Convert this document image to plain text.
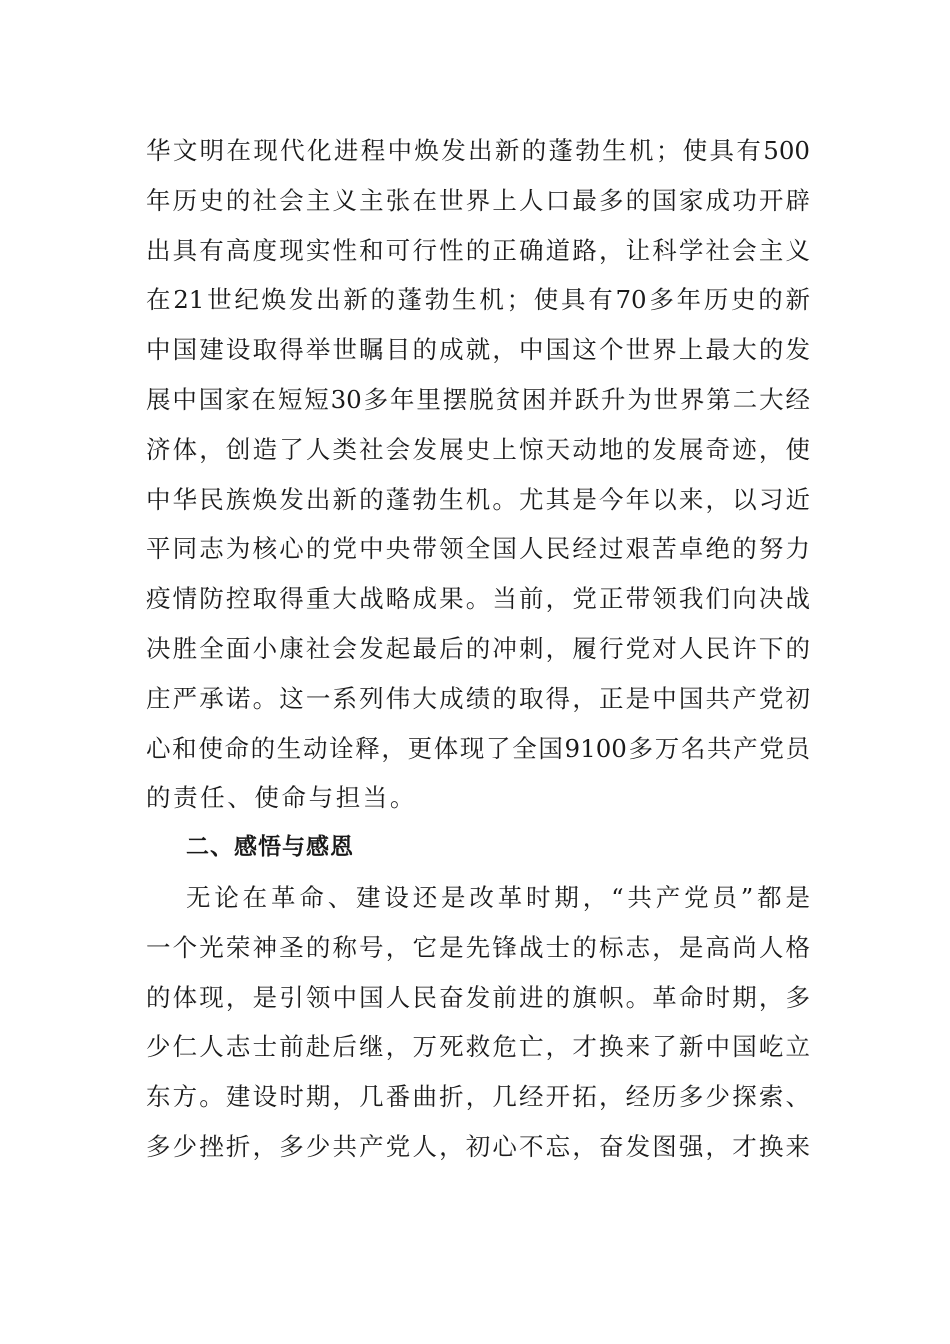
华文明在现代化进程中焕发出新的蓬勃生机；使具有500
年历史的社会主义主张在世界上人口最多的国家成功开辟
出具有高度现实性和可行性的正确道路，让科学社会主义
在21世纪焕发出新的蓬勃生机；使具有70多年历史的新
中国建设取得举世瞩目的成就，中国这个世界上最大的发
展中国家在短短30多年里摆脱贫困并跃升为世界第二大经
济体，创造了人类社会发展史上惊天动地的发展奇迹，使
中华民族焕发出新的蓬勃生机。尤其是今年以来，以习近
平同志为核心的党中央带领全国人民经过艰苦卓绝的努力
疫情防控取得重大战略成果。当前，党正带领我们向决战
决胜全面小康社会发起最后的冲刺，履行党对人民许下的
庄严承诺。这一系列伟大成绩的取得，正是中国共产党初
心和使命的生动诠释，更体现了全国9100多万名共产党员
的责任、使命与担当。
二、感悟与感恩
无论在革命、建设还是改革时期，“共产党员”都是
一个光荣神圣的称号，它是先锋战士的标志，是高尚人格
的体现，是引领中国人民奋发前进的旗帜。革命时期，多
少仁人志士前赴后继，万死救危亡，才换来了新中国屹立
东方。建设时期，几番曲折，几经开拓，经历多少探索、
多少挫折，多少共产党人，初心不忘，奋发图强，才换来
